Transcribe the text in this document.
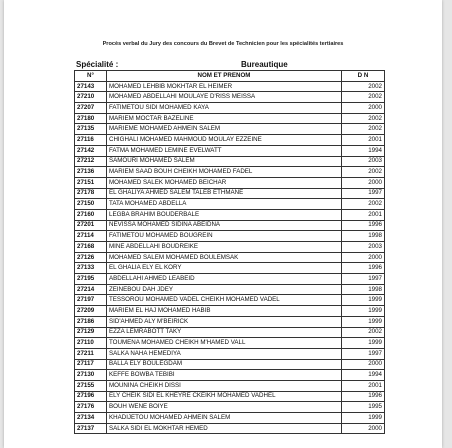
Procès verbal du Jury des concours du Brevet de Technicien pour les spécialités tertiaires
Spécialité :	Bureautique
N°	NOM ET PRENOM	D N
27143	MOHAMED LEHBIB MOKHTAR EL HEIMER	2002
27210	MOHAMED ABDELLAHI MOULAYE D'RISS MEISSA	2002
27207	FATIMETOU SIDI MOHAMED KAYA	2000
27180	MARIEM MOCTAR BAZELINE	2002
27135	MARIEME MOHAMED AHMEIN SALEM	2002
27116	CHIGHALI MOHAMED MAHMOUD MOULAY EZZEINE	2001
27142	FATMA MOHAMED LEMINE EVELWATT	1994
27212	SAMOURI MOHAMED SALEM	2003
27136	MARIEM SAAD BOUH CHEIKH MOHAMED FADEL	2002
27151	MOHAMED SALEK MOHAMED BEICHAR	2000
27178	EL GHALIYA AHMED SALEM TALEB ETHMANE	1997
27150	TATA MOHAMED ABDELLA	2002
27160	LEGBA BRAHIM BOUDERBALE	2001
27201	NEVISSA MOHAMED SIDINA ABEIDNA	1996
27114	FATIMETOU MOHAMED BOUGREIN	1998
27168	MINE ABDELLAHI BOUDREIKE	2003
27126	MOHAMED SALEM MOHAMED BOULEMSAK	2000
27133	EL GHALIA ELY EL KORY	1996
27195	ABDELLAHI AHMED LEABEID	1997
27214	ZEINEBOU DAH JDEY	1998
27197	TESSOROU MOHAMED VADEL CHEIKH MOHAMED VADEL	1999
27209	MARIEM EL HAJ MOHAMED HABIB	1999
27186	SID'AHMED ALY M'BEIRICK	1999
27129	EZZA LEMRABOTT TAKY	2002
27110	TOUMENA MOHAMED CHEIKH M'HAMED VALL	1999
27211	SALKA NAHA HEMEDIYA	1997
27117	BALLA ELY BOULEGDAM	2000
27130	KEFFE BOWBA TEBIBI	1994
27155	MOUNINA CHEIKH DISSI	2001
27196	ELY CHEIK SIDI EL KHEYRE CKEIKH MOHAMED VADHEL	1996
27176	BOUH WENE BOIYE	1995
27134	KHADIJETOU MOHAMED AHMEIN SALEM	1999
27137	SALKA SIDI EL MOKHTAR HEMED	2000
